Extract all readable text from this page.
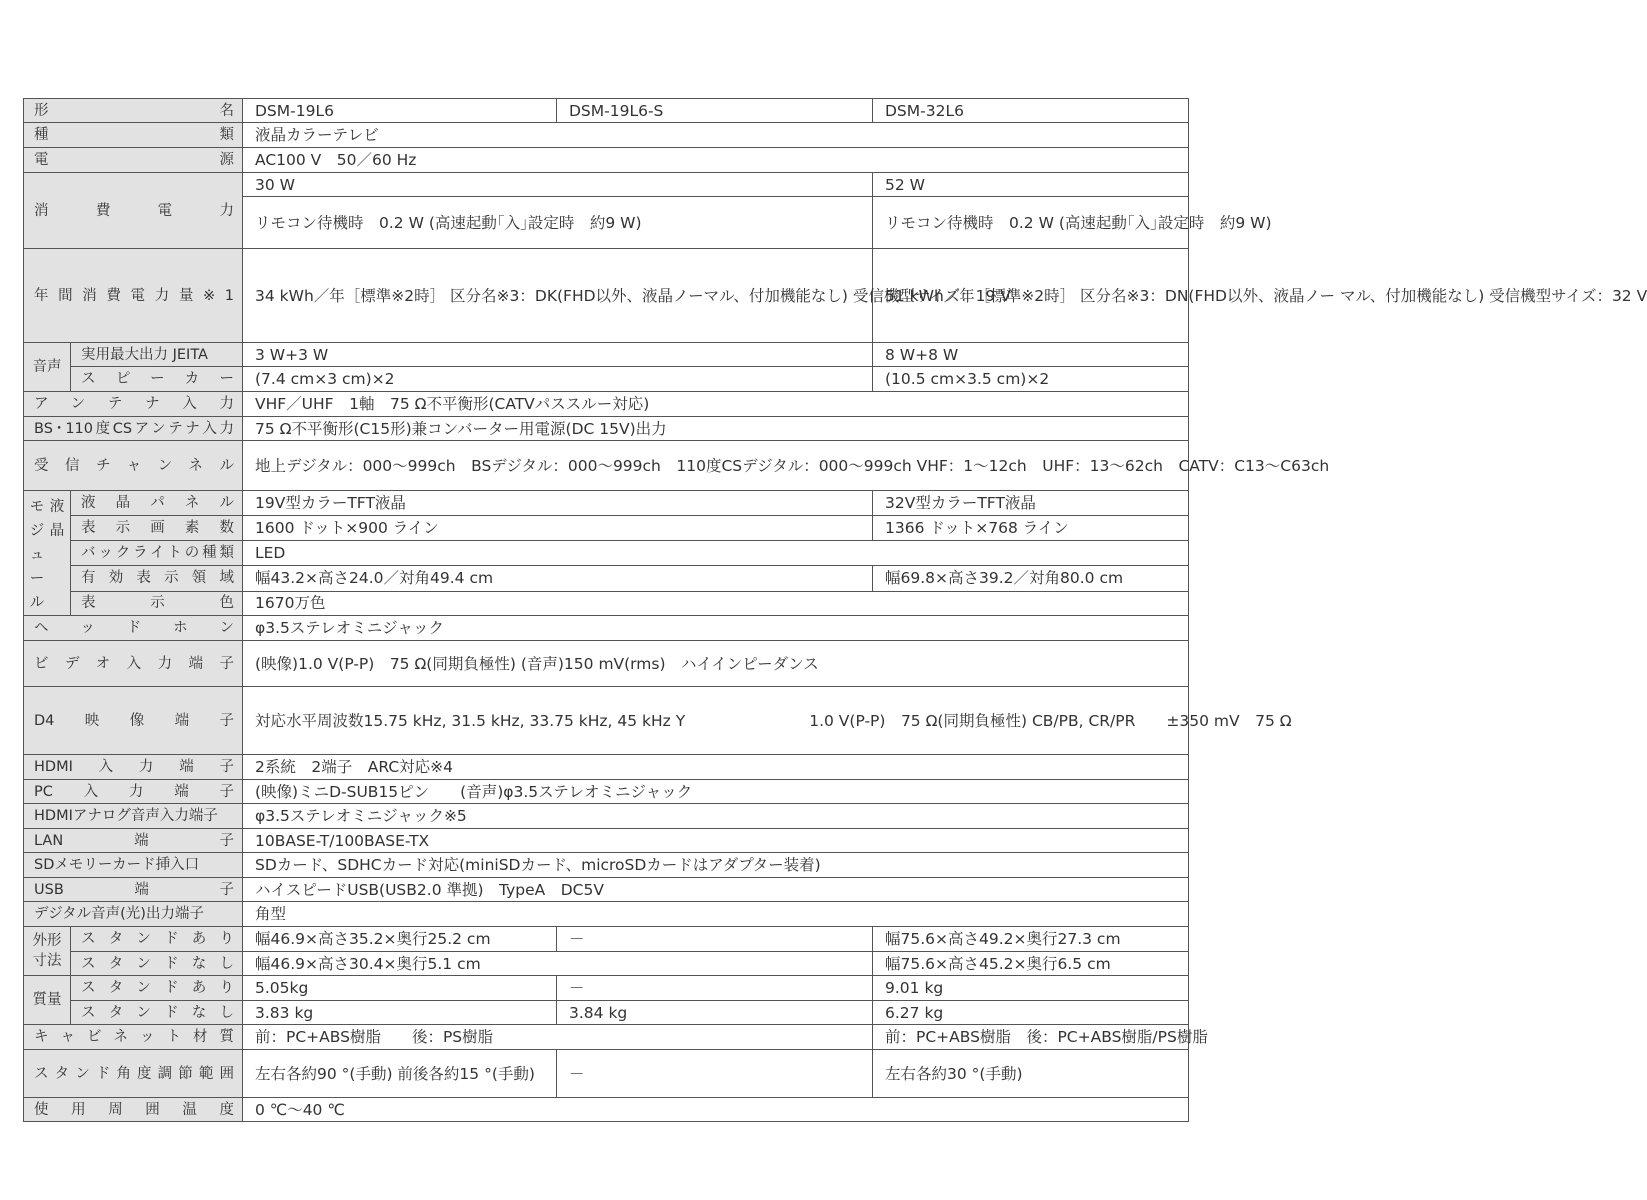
形名		DSM-19L6	DSM-19L6-S	DSM-32L6
種類		液晶カラーテレビ		
電源		AC100 V　50／60 Hz		
消費電力		30 W		52 W
		リモコン待機時　0.2 W (高速起動｢入｣設定時　約9 W)		リモコン待機時　0.2 W (高速起動｢入｣設定時　約9 W)
年間消費電力量※1		34 kWh／年［標準※2時］ 区分名※3：DK(FHD以外、液晶ノーマル、付加機能なし) 受信機型サイズ：19 V		51 kWh／年［標準※2時］ 区分名※3：DN(FHD以外、液晶ノー マル、付加機能なし) 受信機型サイズ：32 V
音声	実用最大出力 JEITA	3 W+3 W		8 W+8 W
	スピーカー	(7.4 cm×3 cm)×2		(10.5 cm×3.5 cm)×2
アンテナ入力		VHF／UHF　1軸　75 Ω不平衡形(CATVパススルー対応)		
BS･110度CSアンテナ入力		75 Ω不平衡形(C15形)兼コンバーター用電源(DC 15V)出力		
受信チャンネル		地上デジタル：000～999ch　BSデジタル：000～999ch　110度CSデジタル：000～999ch VHF：1～12ch　UHF：13～62ch　CATV：C13～C63ch		

モジュール
液晶	液晶パネル	19V型カラーTFT液晶		32V型カラーTFT液晶
	表示画素数	1600 ドット×900 ライン		1366 ドット×768 ライン
	バックライトの種類	LED		
	有効表示領域	幅43.2×高さ24.0／対角49.4 cm		幅69.8×高さ39.2／対角80.0 cm
	表示色	1670万色		
ヘッドホン		φ3.5ステレオミニジャック		
ビデオ入力端子		(映像)1.0 V(P-P)　75 Ω(同期負極性) (音声)150 mV(rms)　ハイインピーダンス		
D4映像端子		対応水平周波数15.75 kHz, 31.5 kHz, 33.75 kHz, 45 kHz Y　　　　　　　　1.0 V(P-P)　75 Ω(同期負極性) CB/PB, CR/PR　　±350 mV　75 Ω		
HDMI入力端子		2系統　2端子　ARC対応※4		
PC入力端子		(映像)ミニD-SUB15ピン　　(音声)φ3.5ステレオミニジャック		
HDMIアナログ音声入力端子		φ3.5ステレオミニジャック※5		
LAN端子		10BASE-T/100BASE-TX		
SDメモリーカード挿入口		SDカード、SDHCカード対応(miniSDカード、microSDカードはアダプター装着)		
USB端子		ハイスピードUSB(USB2.0 準拠)　TypeA　DC5V		
デジタル音声(光)出力端子		角型		
外形寸法	スタンドあり	幅46.9×高さ35.2×奥行25.2 cm	－	幅75.6×高さ49.2×奥行27.3 cm
	スタンドなし	幅46.9×高さ30.4×奥行5.1 cm		幅75.6×高さ45.2×奥行6.5 cm
質量	スタンドあり	5.05kg	－	9.01 kg
	スタンドなし	3.83 kg	3.84 kg	6.27 kg
キャビネット材質		前：PC+ABS樹脂　　後：PS樹脂		前：PC+ABS樹脂　後：PC+ABS樹脂/PS樹脂
スタンド角度調節範囲		左右各約90 °(手動) 前後各約15 °(手動)	－	左右各約30 °(手動)
使用周囲温度		0 ℃～40 ℃		
